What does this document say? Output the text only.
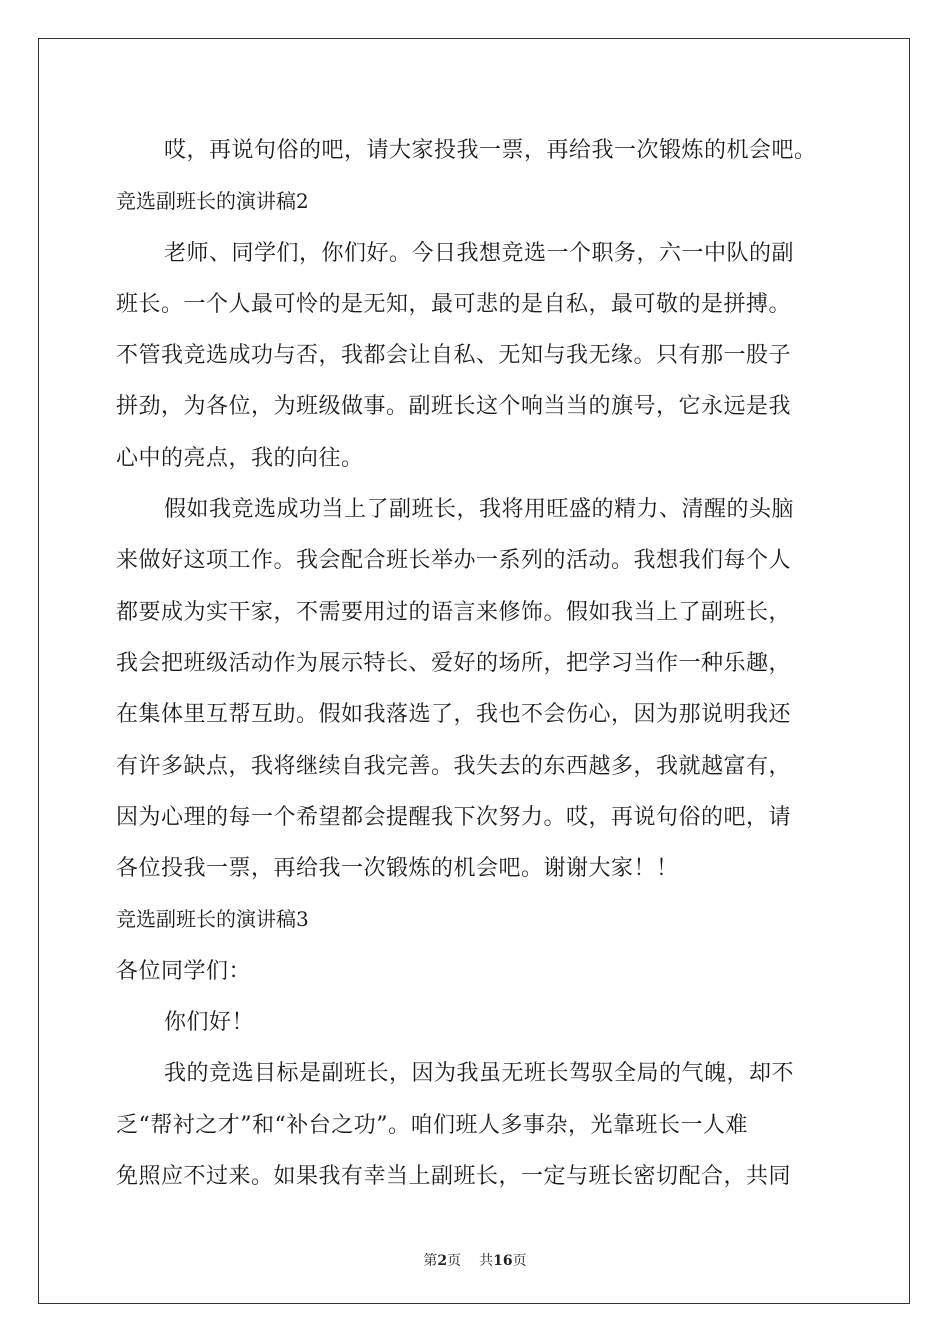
哎，再说句俗的吧，请大家投我一票，再给我一次锻炼的机会吧。
竞选副班长的演讲稿2
老师、同学们，你们好。今日我想竞选一个职务，六一中队的副
班长。一个人最可怜的是无知，最可悲的是自私，最可敬的是拼搏。
不管我竞选成功与否，我都会让自私、无知与我无缘。只有那一股子
拼劲，为各位，为班级做事。副班长这个响当当的旗号，它永远是我
心中的亮点，我的向往。
假如我竞选成功当上了副班长，我将用旺盛的精力、清醒的头脑
来做好这项工作。我会配合班长举办一系列的活动。我想我们每个人
都要成为实干家，不需要用过的语言来修饰。假如我当上了副班长，
我会把班级活动作为展示特长、爱好的场所，把学习当作一种乐趣，
在集体里互帮互助。假如我落选了，我也不会伤心，因为那说明我还
有许多缺点，我将继续自我完善。我失去的东西越多，我就越富有，
因为心理的每一个希望都会提醒我下次努力。哎，再说句俗的吧，请
各位投我一票，再给我一次锻炼的机会吧。谢谢大家！！
竞选副班长的演讲稿3
各位同学们：
你们好！
我的竞选目标是副班长，因为我虽无班长驾驭全局的气魄，却不
乏“帮衬之才”和“补台之功”。咱们班人多事杂，光靠班长一人难
免照应不过来。如果我有幸当上副班长，一定与班长密切配合，共同
第2页 共16页
